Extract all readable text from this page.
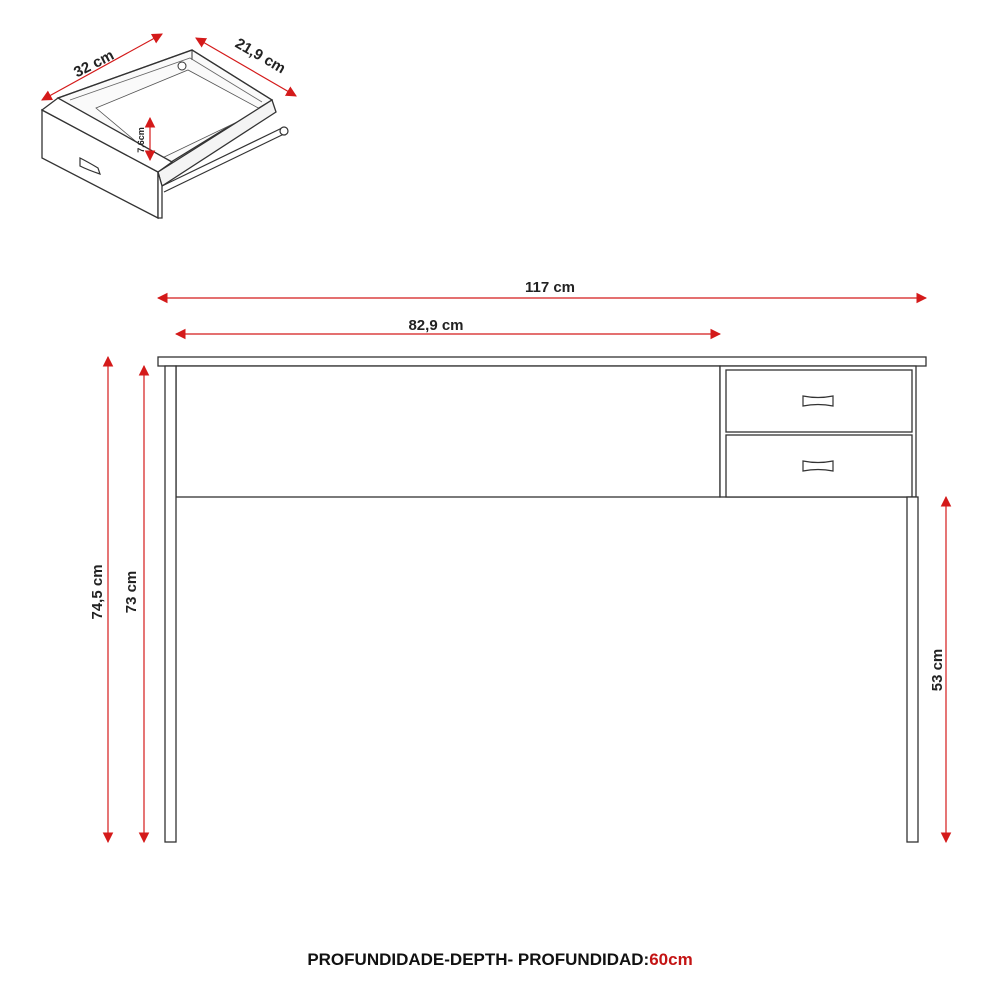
32 cm	21,9 cm
7,6cm
117 cm
82,9 cm
74,5 cm 73 cm
53 cm
PROFUNDIDADE-DEPTH- PROFUNDIDAD:60cm
